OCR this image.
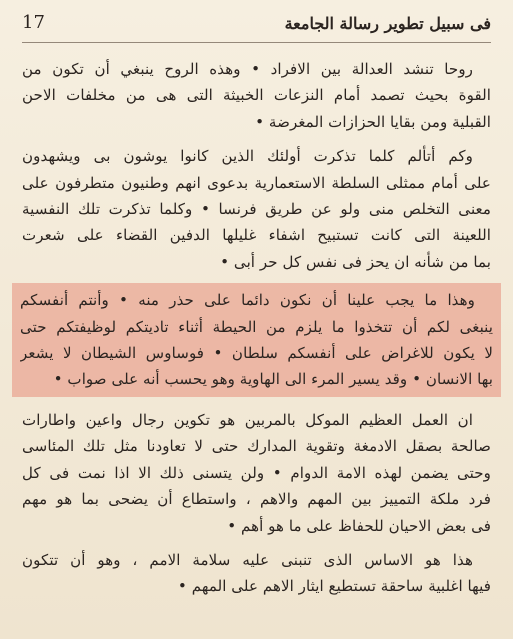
17	فى سبيل تطوير رسالة الجامعة
روحا تنشد العدالة بين الافراد • وهذه الروح ينبغي أن تكون من
القوة بحيث تصمد أمام النزعات الخبيثة التى هى من مخلفات الاحن
القبلية ومن بقايا الحزازات المغرضة •
وكم أتألم كلما تذكرت أولئك الذين كانوا يوشون بى ويشهدون
على أمام ممثلى السلطة الاستعمارية بدعوى انهم وطنيون متطرفون على
معنى التخلص منى ولو عن طريق فرنسا • وكلما تذكرت تلك النفسية
اللعينة التى كانت تستبيح اشفاء غليلها الدفين القضاء على شعرت
بما من شأنه ان يحز فى نفس كل حر أبى •
وهذا ما يجب علينا أن نكون دائما على حذر منه • وأنتم أنفسكم
ينبغى لكم أن تتخذوا ما يلزم من الحيطة أثناء تاديتكم لوظيفتكم حتى
لا يكون للاغراض على أنفسكم سلطان • فوساوس الشيطان لا يشعر
بها الانسان • وقد يسير المرء الى الهاوية وهو يحسب أنه على صواب •
ان العمل العظيم الموكل بالمربين هو تكوين رجال واعين واطارات
صالحة بصقل الادمغة وتقوية المدارك حتى لا تعاودنا مثل تلك المئاسى
وحتى يضمن لهذه الامة الدوام • ولن يتسنى ذلك الا اذا نمت فى كل
فرد ملكة التمييز بين المهم والاهم ، واستطاع أن يضحى بما هو مهم
فى بعض الاحيان للحفاظ على ما هو أهم •
هذا هو الاساس الذى تنبنى عليه سلامة الامم ، وهو أن تتكون
فيها اغلبية ساحقة تستطيع ايثار الاهم على المهم •
